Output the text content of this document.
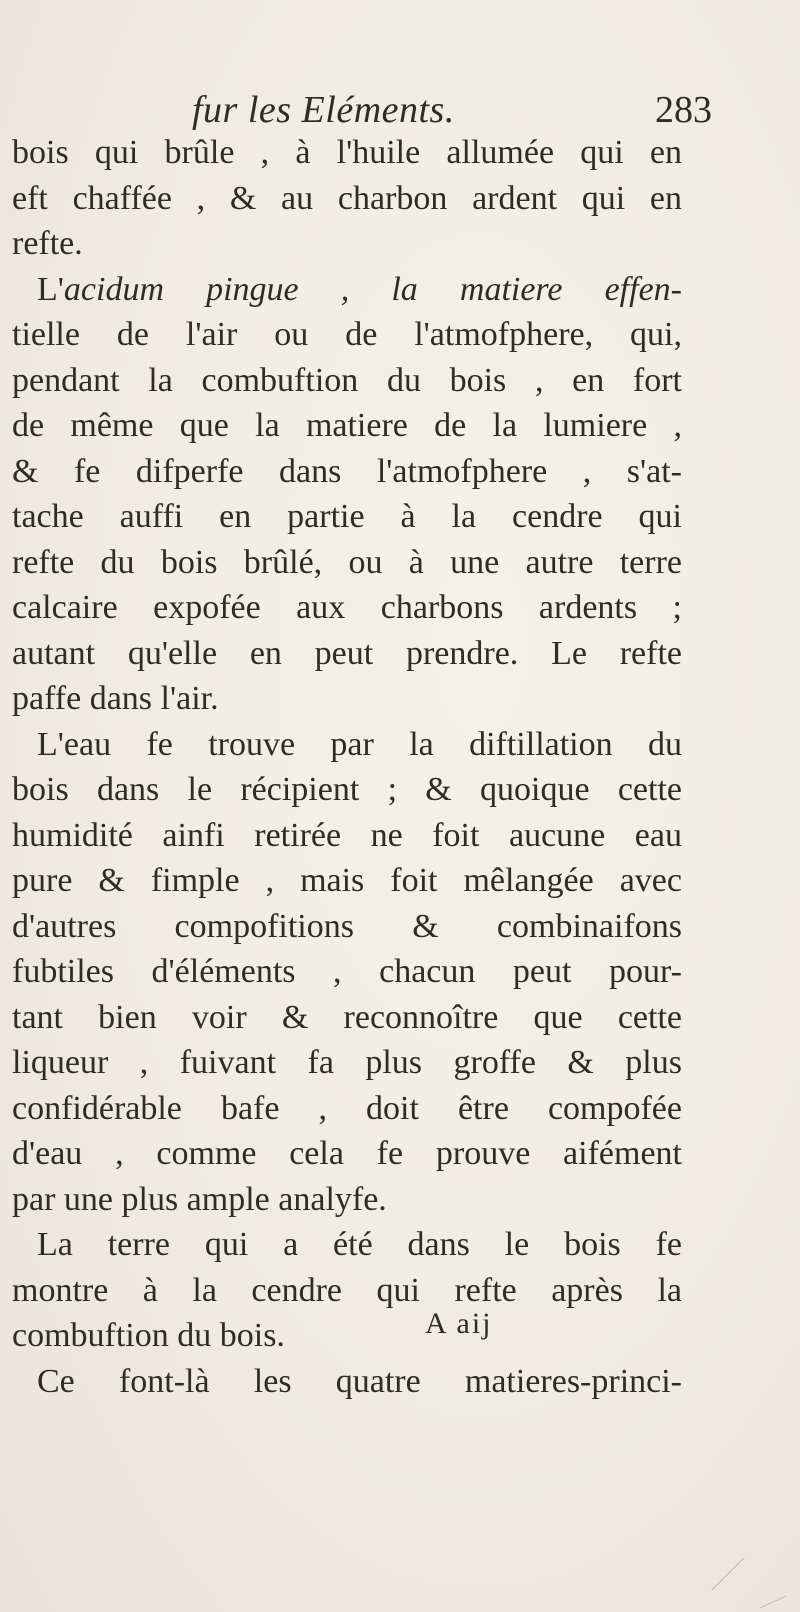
fur les Eléments.	283
bois qui brûle , à l'huile allumée qui en
eft chaffée , & au charbon ardent qui en
refte.
L'acidum pingue , la matiere effen-
tielle de l'air ou de l'atmofphere, qui,
pendant la combuftion du bois , en fort
de même que la matiere de la lumiere ,
& fe difperfe dans l'atmofphere , s'at-
tache auffi en partie à la cendre qui
refte du bois brûlé, ou à une autre terre
calcaire expofée aux charbons ardents ;
autant qu'elle en peut prendre. Le refte
paffe dans l'air.
L'eau fe trouve par la diftillation du
bois dans le récipient ; & quoique cette
humidité ainfi retirée ne foit aucune eau
pure & fimple , mais foit mêlangée avec
d'autres compofitions & combinaifons
fubtiles d'éléments , chacun peut pour-
tant bien voir & reconnoître que cette
liqueur , fuivant fa plus groffe & plus
confidérable bafe , doit être compofée
d'eau , comme cela fe prouve aifément
par une plus ample analyfe.
La terre qui a été dans le bois fe
montre à la cendre qui refte après la
combuftion du bois.
Ce font-là les quatre matieres-princi-
A aij
